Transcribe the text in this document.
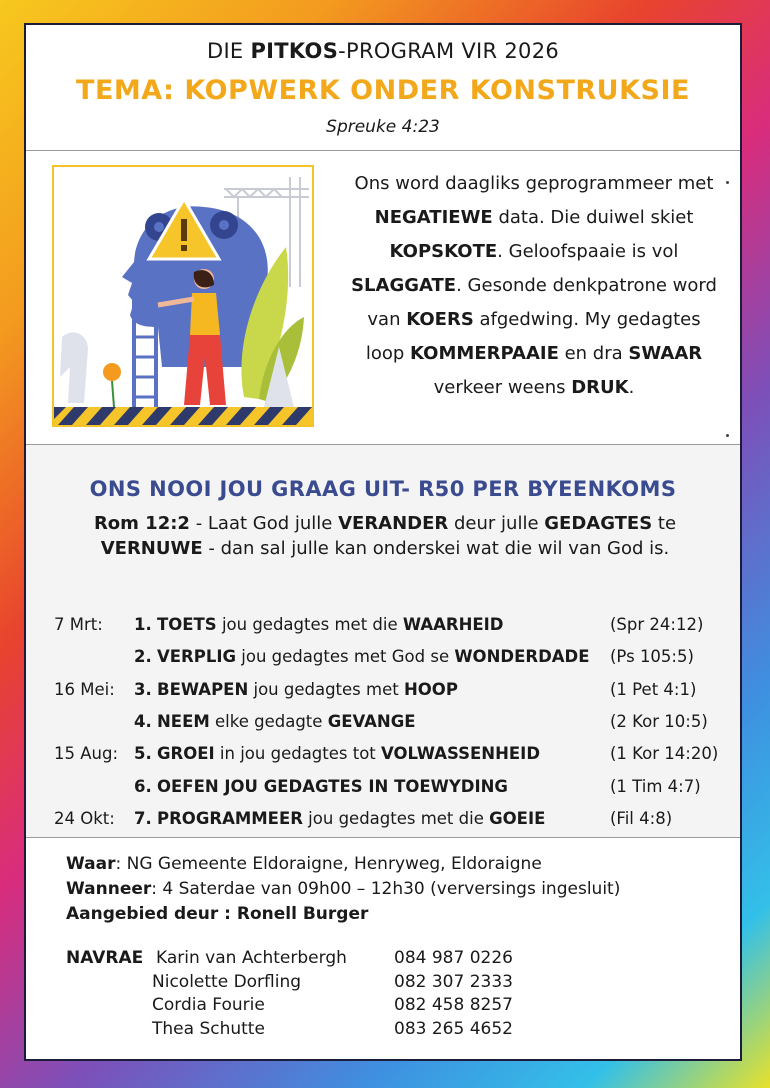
DIE PITKOS-PROGRAM VIR 2026
TEMA: KOPWERK ONDER KONSTRUKSIE
Spreuke 4:23
Ons word daagliks geprogrammeer met NEGATIEWE data. Die duiwel skiet KOPSKOTE. Geloofspaaie is vol SLAGGATE. Gesonde denkpatrone word van KOERS afgedwing. My gedagtes loop KOMMERPAAIE en dra SWAAR verkeer weens DRUK.
ONS NOOI JOU GRAAG UIT- R50 PER BYEENKOMS
Rom 12:2 - Laat God julle VERANDER deur julle GEDAGTES te VERNUWE - dan sal julle kan onderskei wat die wil van God is.
7 Mrt: 1. TOETS jou gedagtes met die WAARHEID	(Spr 24:12)
2. VERPLIG jou gedagtes met God se WONDERDADE (Ps 105:5)
16 Mei: 3. BEWAPEN jou gedagtes met HOOP	(1 Pet 4:1)
4. NEEM elke gedagte GEVANGE	(2 Kor 10:5)
15 Aug: 5. GROEI in jou gedagtes tot VOLWASSENHEID	(1 Kor 14:20)
6. OEFEN JOU GEDAGTES IN TOEWYDING	(1 Tim 4:7)
24 Okt: 7. PROGRAMMEER jou gedagtes met die GOEIE	(Fil 4:8)
Waar: NG Gemeente Eldoraigne, Henryweg, Eldoraigne
Wanneer: 4 Saterdae van 09h00 – 12h30 (verversings ingesluit)
Aangebied deur : Ronell Burger
NAVRAE Karin van Achterbergh	084 987 0226
Nicolette Dorfling	082 307 2333
Cordia Fourie	082 458 8257
Thea Schutte	083 265 4652
